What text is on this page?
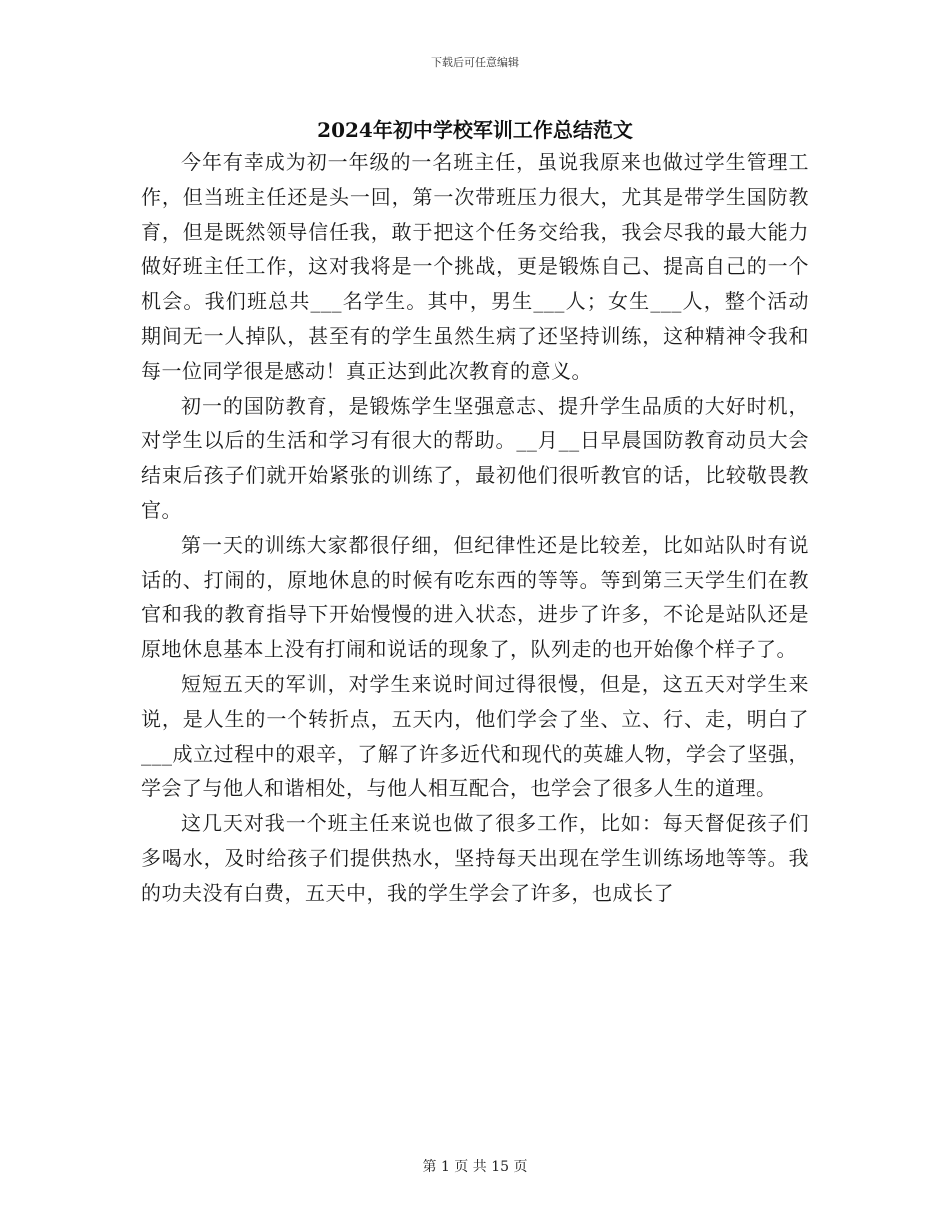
下载后可任意编辑
2024年初中学校军训工作总结范文

今年有幸成为初一年级的一名班主任，虽说我原来也做过学生管理工作，但当班主任还是头一回，第一次带班压力很大，尤其是带学生国防教育，但是既然领导信任我，敢于把这个任务交给我，我会尽我的最大能力做好班主任工作，这对我将是一个挑战，更是锻炼自己、提高自己的一个机会。我们班总共___名学生。其中，男生___人；女生___人，整个活动期间无一人掉队，甚至有的学生虽然生病了还坚持训练，这种精神令我和每一位同学很是感动！真正达到此次教育的意义。

初一的国防教育，是锻炼学生坚强意志、提升学生品质的大好时机，对学生以后的生活和学习有很大的帮助。__月__日早晨国防教育动员大会结束后孩子们就开始紧张的训练了，最初他们很听教官的话，比较敬畏教官。

第一天的训练大家都很仔细，但纪律性还是比较差，比如站队时有说话的、打闹的，原地休息的时候有吃东西的等等。等到第三天学生们在教官和我的教育指导下开始慢慢的进入状态，进步了许多，不论是站队还是原地休息基本上没有打闹和说话的现象了，队列走的也开始像个样子了。

短短五天的军训，对学生来说时间过得很慢，但是，这五天对学生来说，是人生的一个转折点，五天内，他们学会了坐、立、行、走，明白了___成立过程中的艰辛，了解了许多近代和现代的英雄人物，学会了坚强，学会了与他人和谐相处，与他人相互配合，也学会了很多人生的道理。

这几天对我一个班主任来说也做了很多工作，比如：每天督促孩子们多喝水，及时给孩子们提供热水，坚持每天出现在学生训练场地等等。我的功夫没有白费，五天中，我的学生学会了许多，也成长了

第 1 页 共 15 页
